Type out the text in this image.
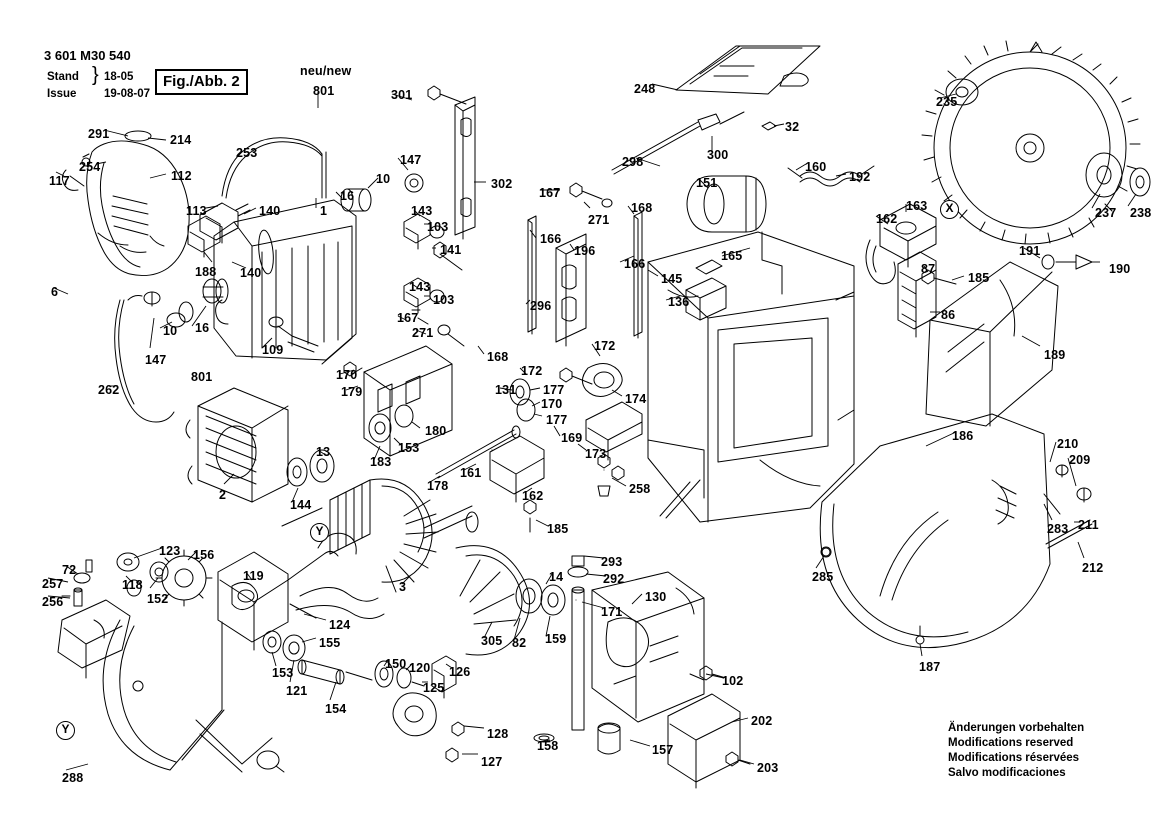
3 601 M30 540
Stand
Issue
} 18-05
19-08-07
Fig./Abb. 2
neu/new
X
Y
Y	Änderungen vorbehalten
Modifications reserved
Modifications réservées
Salvo modificaciones
801	301	248
235
291	214
32
254
253	147	300
160
117	112
298
151	192
16
10	302
167
163
113	140	1	143
271
168
162	237 238
103
141
166
196
166
165	191
190
188 140	145
87
185
143
103	296	136
86
6
167
271
10 16
189
109
147	168
801	170
179
172
172
262	131 177
174
170
177
180
153
169
183
13	173
186
210
209
2
144
178
161
162	258
283 211
185
212
285
156
123
119
293
72
118
257
152
14	292
256
3
130
124
171
155
153
150 120 126
305 82 159
121	125	102
154
128
202
158	157
127	203
187
288
